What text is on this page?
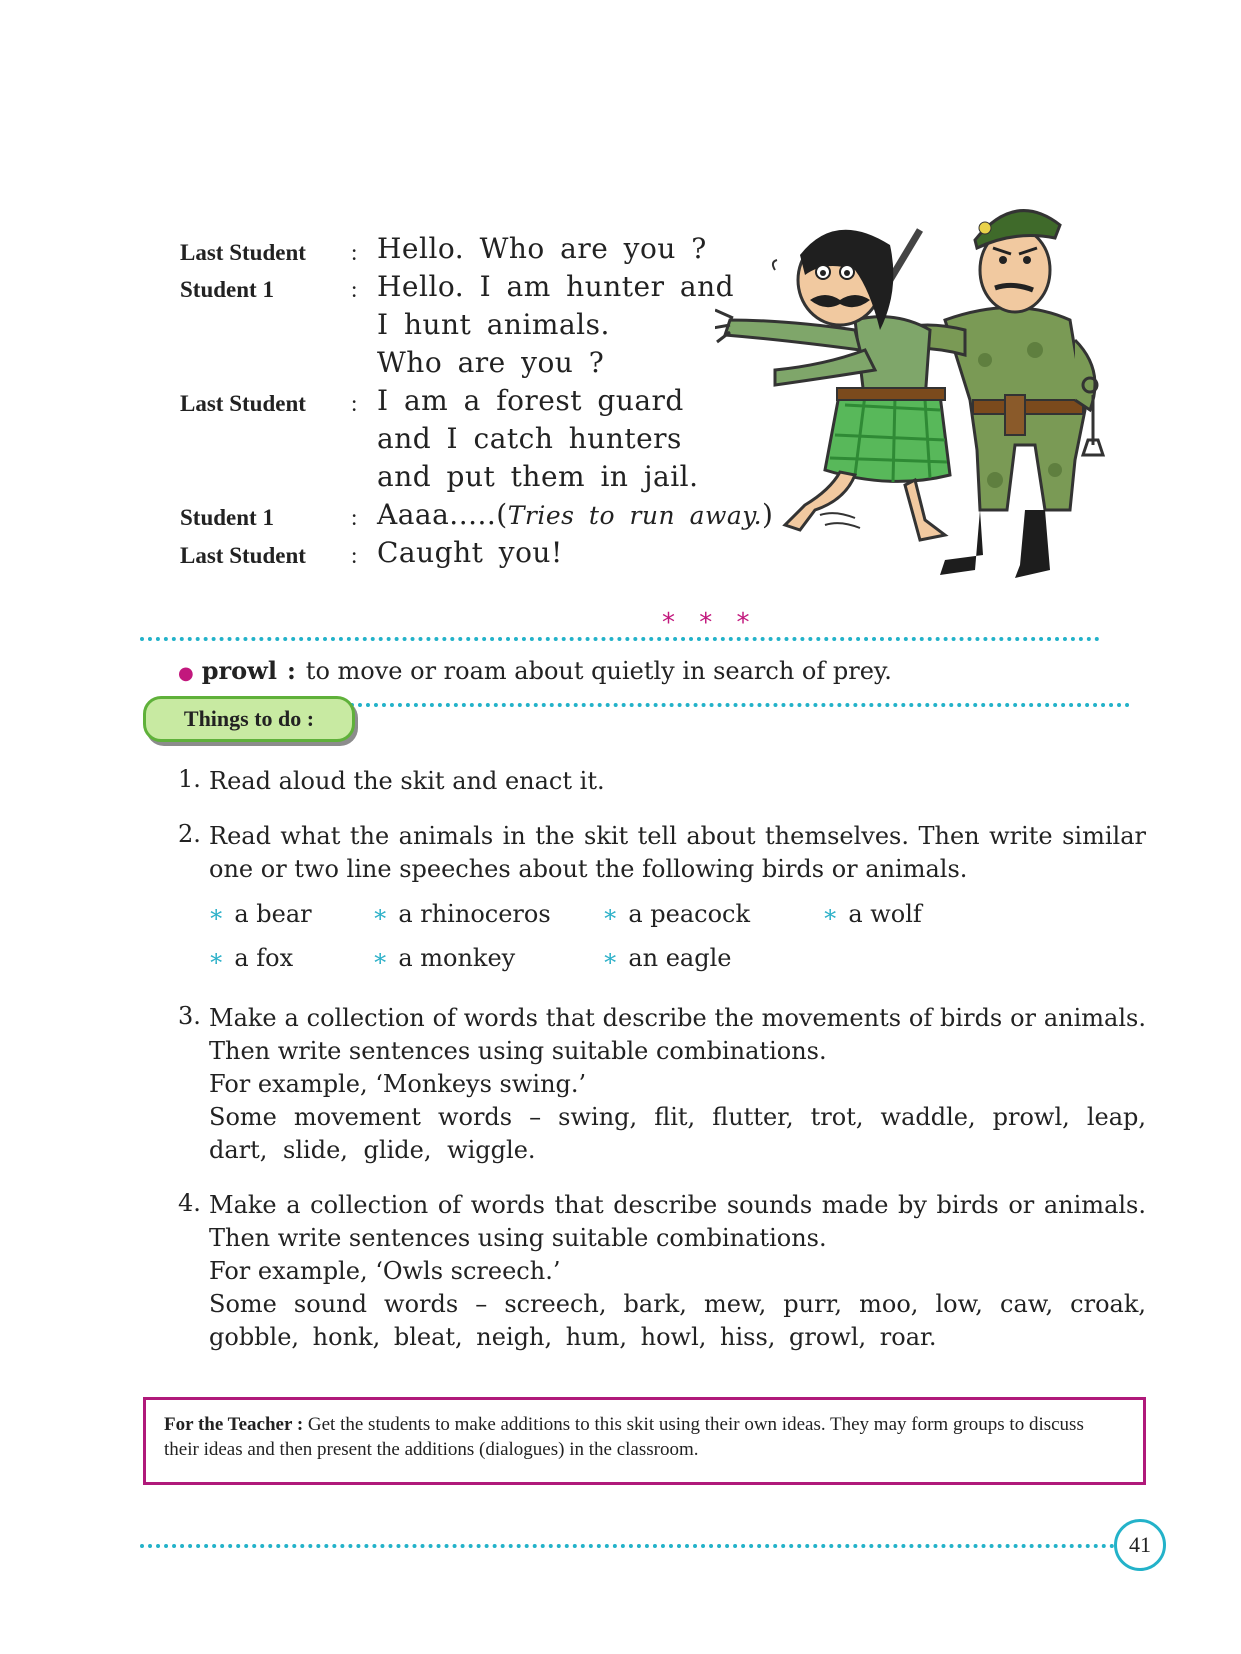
Last Student : Hello. Who are you ?
Student 1	: Hello. I am hunter and
I hunt animals.
Who are you ?
Last Student : I am a forest guard
and I catch hunters
and put them in jail.
Student 1	: Aaaa.....(Tries to run away.)
Last Student : Caught you!
* * *
● prowl : to move or roam about quietly in search of prey.
Things to do :
1. Read aloud the skit and enact it.
2. Read what the animals in the skit tell about themselves. Then write similar one or two line speeches about the following birds or animals.
∗ a bear	∗ a rhinoceros ∗ a peacock	∗ a wolf
∗ a fox	∗ a monkey	∗ an eagle
3. Make a collection of words that describe the movements of birds or animals. Then write sentences using suitable combinations.
For example, ‘Monkeys swing.’
Some movement words – swing, flit, flutter, trot, waddle, prowl, leap, dart, slide, glide, wiggle.
4. Make a collection of words that describe sounds made by birds or animals. Then write sentences using suitable combinations.
For example, ‘Owls screech.’
Some sound words – screech, bark, mew, purr, moo, low, caw, croak, gobble, honk, bleat, neigh, hum, howl, hiss, growl, roar.
For the Teacher : Get the students to make additions to this skit using their own ideas. They may form groups to discuss their ideas and then present the additions (dialogues) in the classroom.
41
